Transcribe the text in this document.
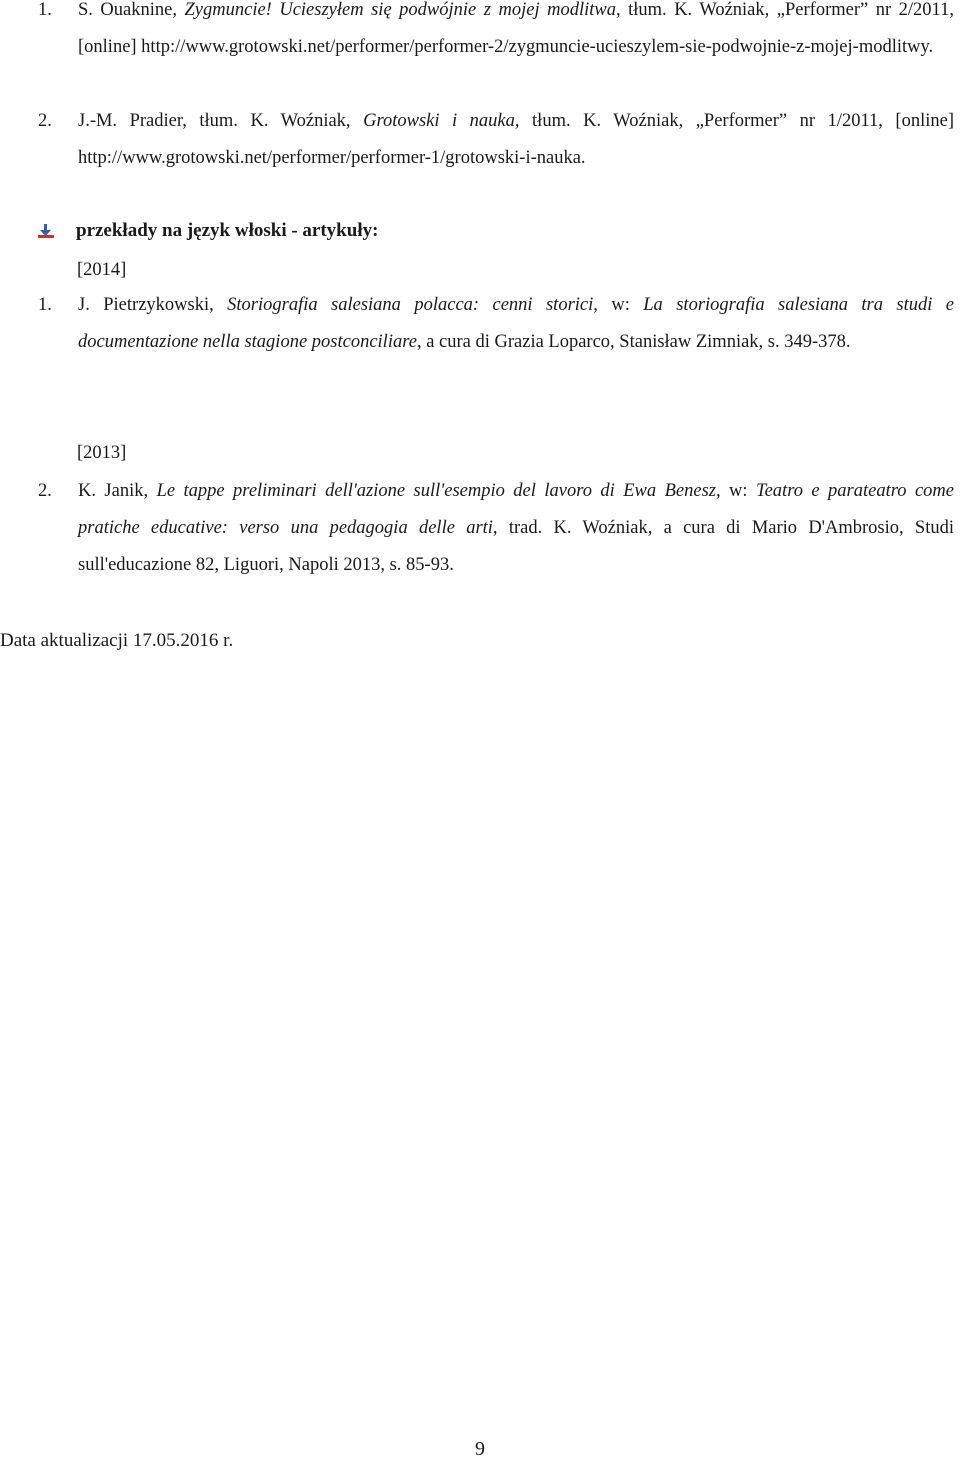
1. S. Ouaknine, Zygmuncie! Ucieszyłem się podwójnie z mojej modlitwa, tłum. K. Woźniak, „Performer” nr 2/2011, [online] http://www.grotowski.net/performer/performer-2/zygmuncie-ucieszylem-sie-podwojnie-z-mojej-modlitwy.
2. J.-M. Pradier, tłum. K. Woźniak, Grotowski i nauka, tłum. K. Woźniak, „Performer” nr 1/2011, [online] http://www.grotowski.net/performer/performer-1/grotowski-i-nauka.
przekłady na język włoski - artykuły:
[2014]
1. J. Pietrzykowski, Storiografia salesiana polacca: cenni storici, w: La storiografia salesiana tra studi e documentazione nella stagione postconciliare, a cura di Grazia Loparco, Stanisław Zimniak, s. 349-378.
[2013]
2. K. Janik, Le tappe preliminari dell'azione sull'esempio del lavoro di Ewa Benesz, w: Teatro e parateatro come pratiche educative: verso una pedagogia delle arti, trad. K. Woźniak, a cura di Mario D'Ambrosio, Studi sull'educazione 82, Liguori, Napoli 2013, s. 85-93.
Data aktualizacji 17.05.2016 r.
9
